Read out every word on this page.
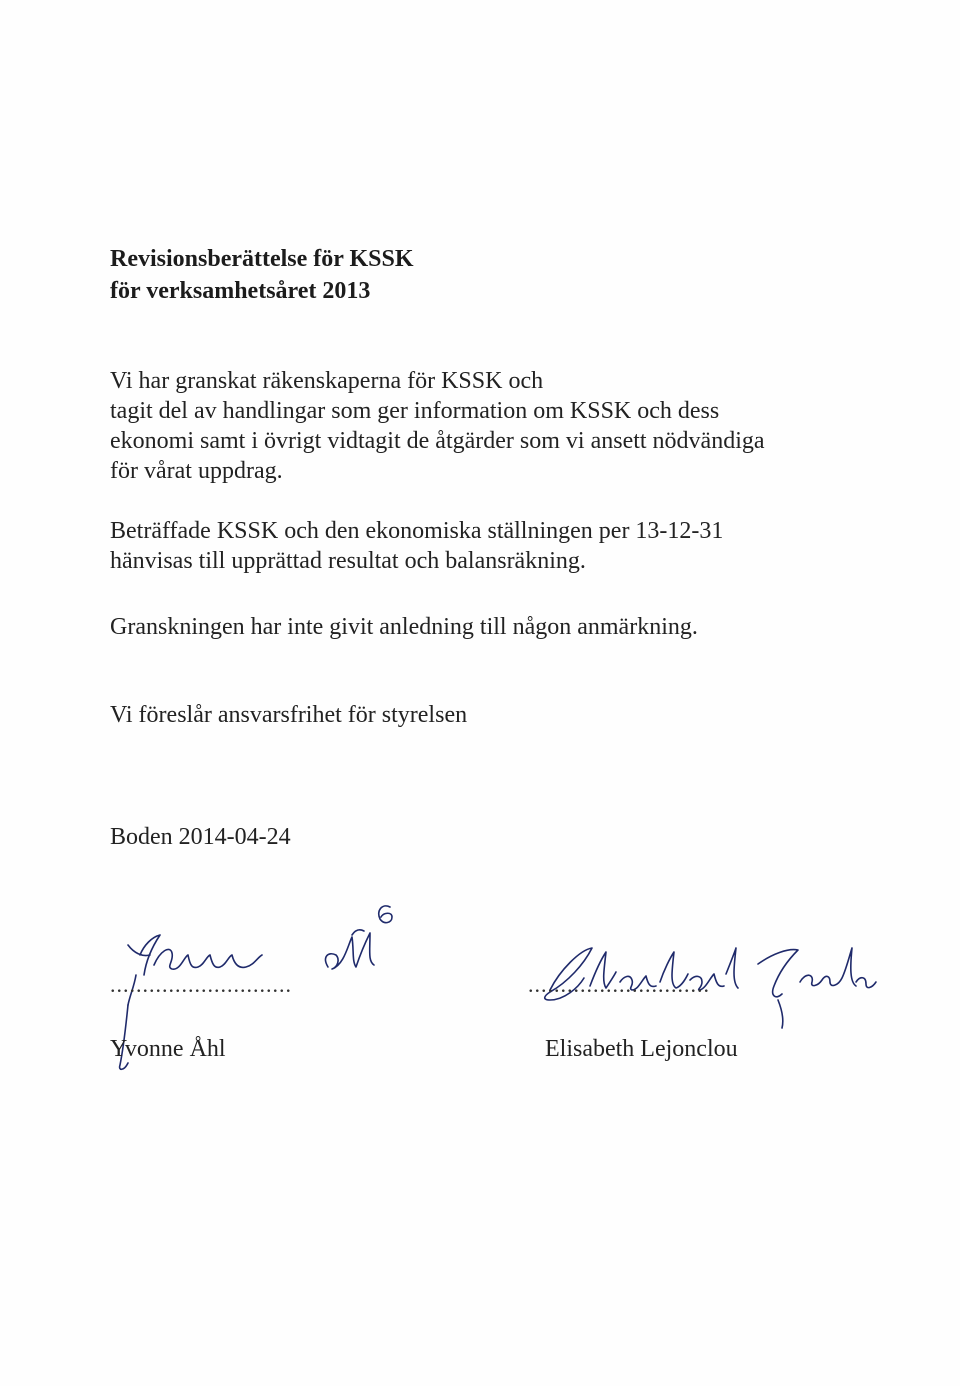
Revisionsberättelse för KSSK
för verksamhetsåret 2013
Vi har granskat räkenskaperna för KSSK och
tagit del av handlingar som ger information om KSSK och dess
ekonomi samt i övrigt vidtagit de åtgärder som vi ansett nödvändiga
för vårat uppdrag.
Beträffade KSSK och den ekonomiska ställningen per 13-12-31
hänvisas till upprättad resultat och balansräkning.
Granskningen har inte givit anledning till någon anmärkning.
Vi föreslår ansvarsfrihet för styrelsen
Boden 2014-04-24
............................	............................
Yvonne Åhl	Elisabeth Lejonclou
